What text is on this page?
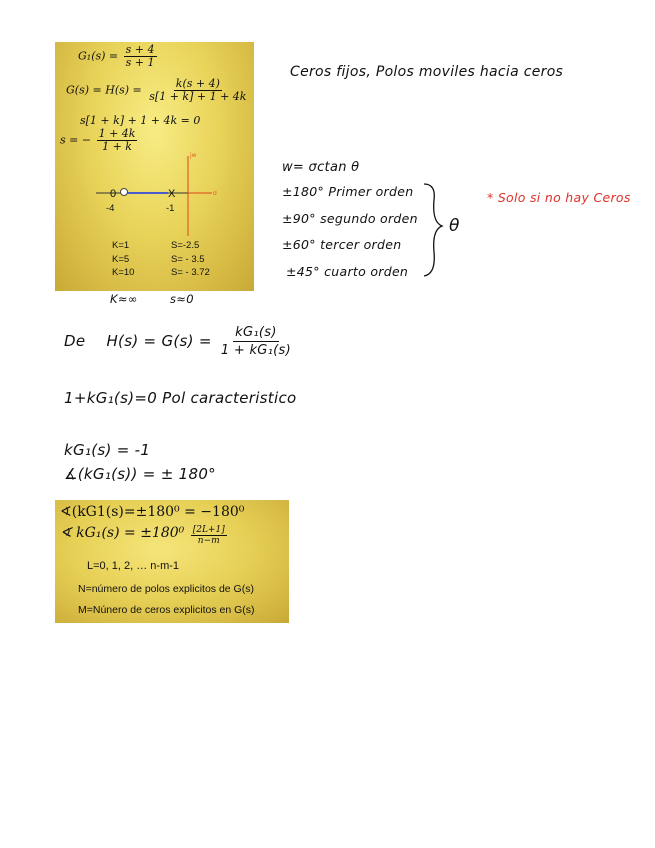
$G_1(s) = \frac{s + 4}{s + 1}$
$G(s) = H(s) = \frac{k(s + 4)}{s[1 + k] + 1 + 4k}$
s[1 + k] + 1 + 4k = 0
s = − $\frac{1 + 4k}{1 + k}$
jw
σ
0	X
-4	-1
K=1	S=-2.5
K=5	S= - 3.5
K=10	S= - 3.72
Ceros fijos, Polos moviles hacia ceros
w= σctan θ
±180° Primer orden
±90° segundo orden
±60° tercer orden
±45° cuarto orden
θ
* Solo si no hay Ceros
K≈∞	s≈0
De $H(s) = G(s) = \frac{\text{kG₁(s)}}{\text{1 + kG₁(s)}}$
1+kG₁(s)=0 Pol caracteristico
kG₁(s) = -1
∡(kG₁(s)) = ± 180°
∢(kG1(s)=±180⁰ = −180⁰
∢ $kG_1(s) = \pm 180^0 \frac{[2L+1]}{n-m}$
L=0, 1, 2, … n-m-1
N=número de polos explicitos de G(s)
M=Núnero de ceros explicitos en G(s)
